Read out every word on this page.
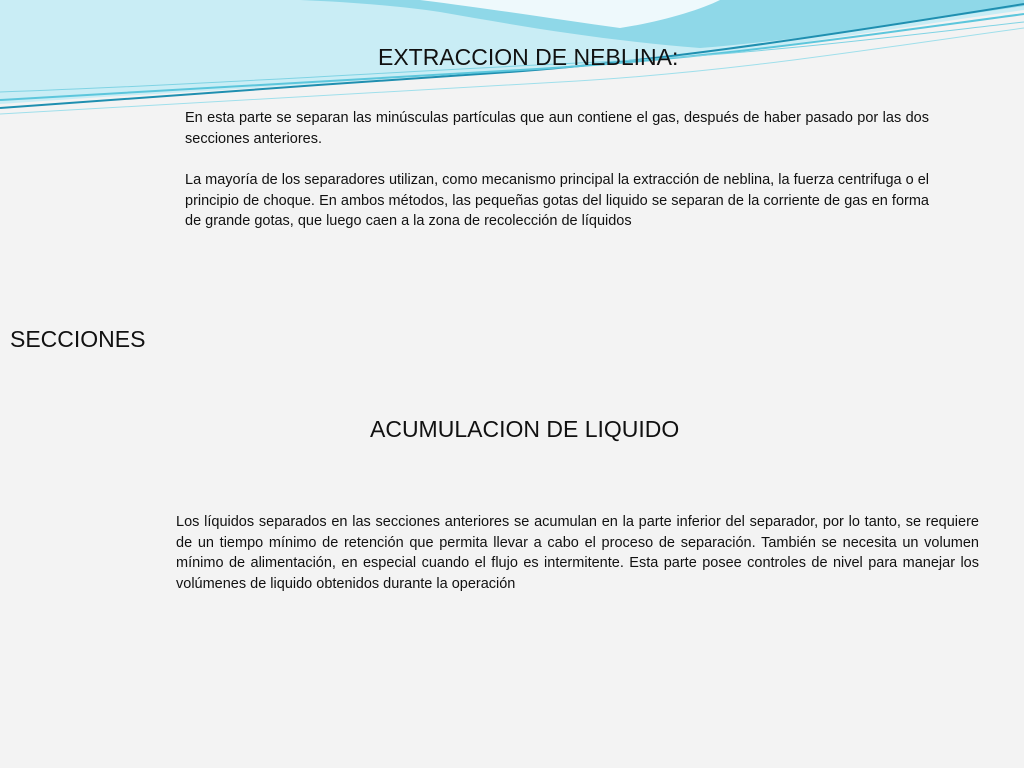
EXTRACCION DE NEBLINA:

En esta parte se separan las minúsculas partículas que aun contiene el gas, después de haber pasado por las dos secciones anteriores.

La mayoría de los separadores utilizan, como mecanismo principal la extracción de neblina, la fuerza centrifuga o el principio de choque. En ambos métodos, las pequeñas gotas del liquido se separan de la corriente de gas en forma de grande gotas, que luego caen a la zona de recolección de líquidos

SECCIONES
ACUMULACION DE LIQUIDO

Los líquidos separados en las secciones anteriores se acumulan en la parte inferior del separador, por lo tanto, se requiere de un tiempo mínimo de retención que permita llevar a cabo el proceso de separación. También se necesita un volumen mínimo de alimentación, en especial cuando el flujo es intermitente. Esta parte posee controles de nivel para manejar los volúmenes de liquido obtenidos durante la operación
